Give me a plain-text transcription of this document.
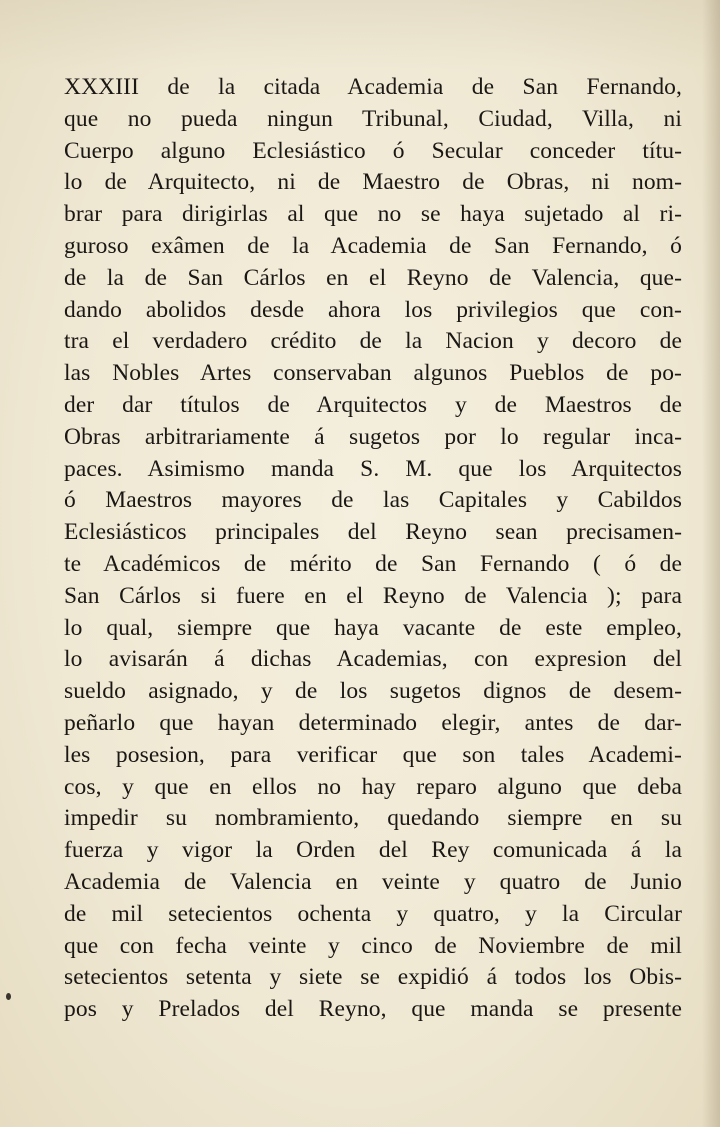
XXXIII de la citada Academia de San Fernando,
que no pueda ningun Tribunal, Ciudad, Villa, ni
Cuerpo alguno Eclesiástico ó Secular conceder títu-
lo de Arquitecto, ni de Maestro de Obras, ni nom-
brar para dirigirlas al que no se haya sujetado al ri-
guroso exâmen de la Academia de San Fernando, ó
de la de San Cárlos en el Reyno de Valencia, que-
dando abolidos desde ahora los privilegios que con-
tra el verdadero crédito de la Nacion y decoro de
las Nobles Artes conservaban algunos Pueblos de po-
der dar títulos de Arquitectos y de Maestros de
Obras arbitrariamente á sugetos por lo regular inca-
paces. Asimismo manda S. M. que los Arquitectos
ó Maestros mayores de las Capitales y Cabildos
Eclesiásticos principales del Reyno sean precisamen-
te Académicos de mérito de San Fernando ( ó de
San Cárlos si fuere en el Reyno de Valencia ); para
lo qual, siempre que haya vacante de este empleo,
lo avisarán á dichas Academias, con expresion del
sueldo asignado, y de los sugetos dignos de desem-
peñarlo que hayan determinado elegir, antes de dar-
les posesion, para verificar que son tales Academi-
cos, y que en ellos no hay reparo alguno que deba
impedir su nombramiento, quedando siempre en su
fuerza y vigor la Orden del Rey comunicada á la
Academia de Valencia en veinte y quatro de Junio
de mil setecientos ochenta y quatro, y la Circular
que con fecha veinte y cinco de Noviembre de mil
setecientos setenta y siete se expidió á todos los Obis-
pos y Prelados del Reyno, que manda se presente
